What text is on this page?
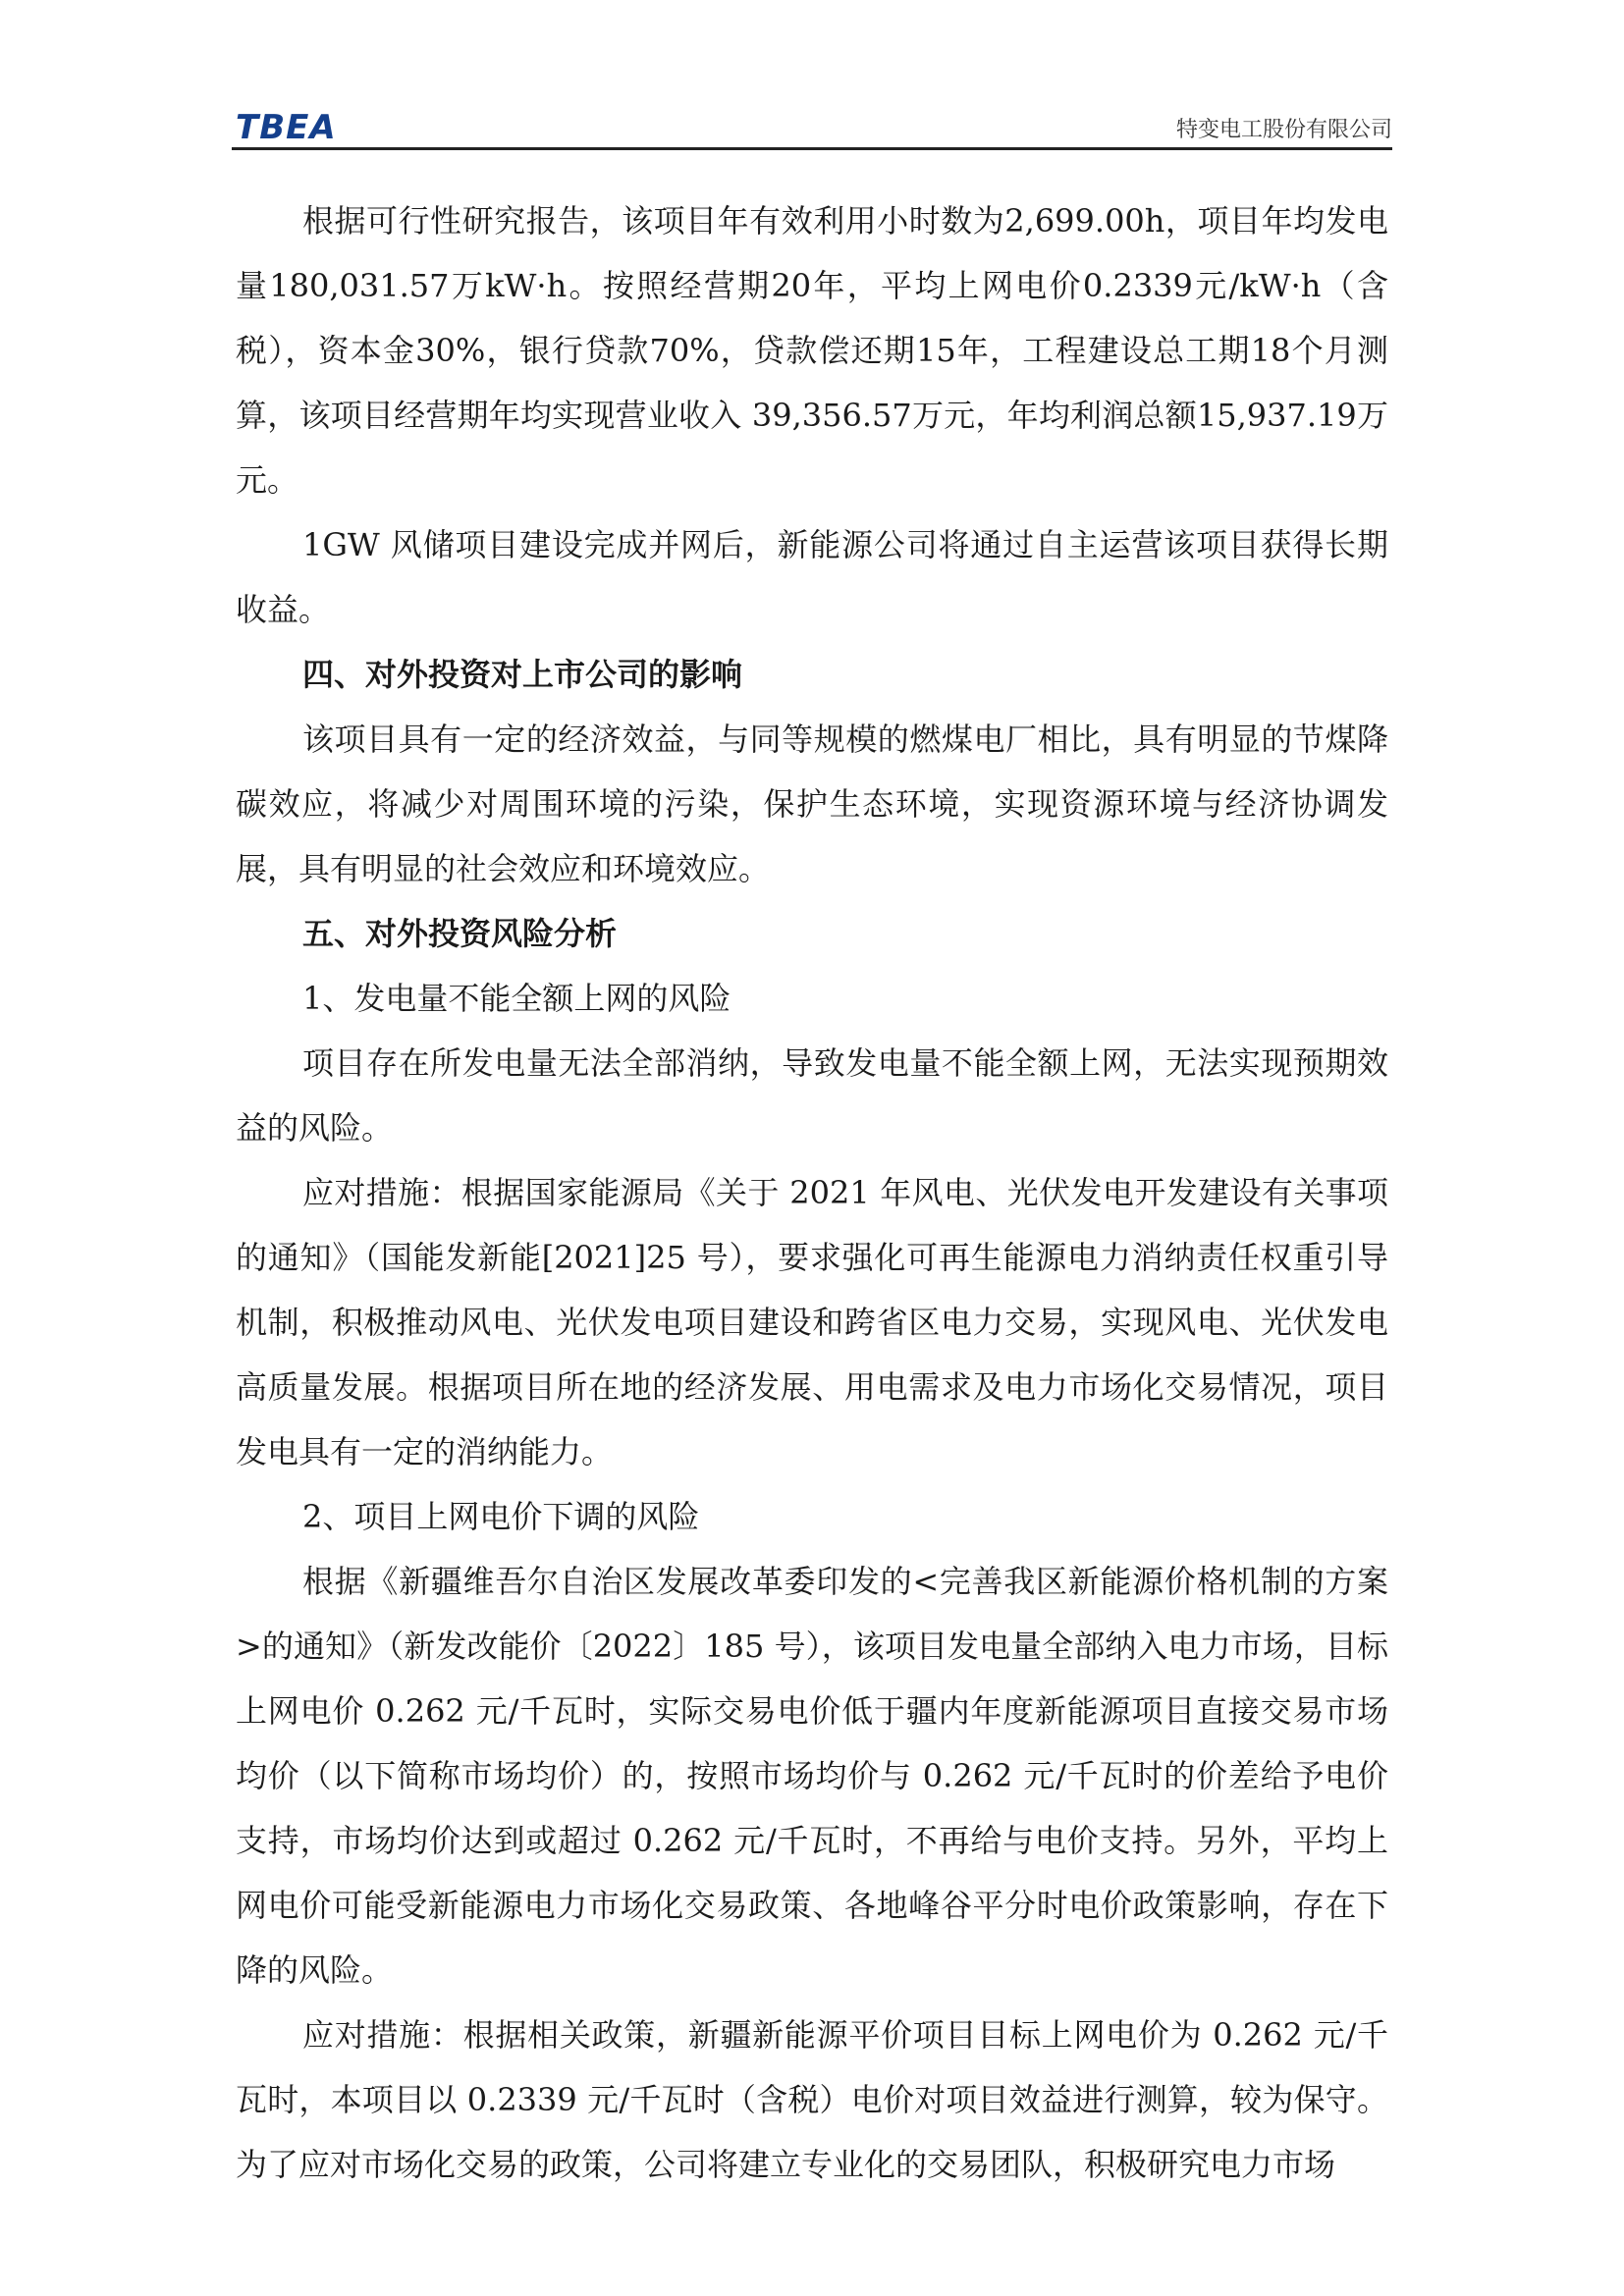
TBEA	特变电工股份有限公司

根据可行性研究报告，该项目年有效利用小时数为2,699.00h，项目年均发电量180,031.57万kW·h。按照经营期20年，平均上网电价0.2339元/kW·h（含税），资本金30%，银行贷款70%，贷款偿还期15年，工程建设总工期18个月测算，该项目经营期年均实现营业收入 39,356.57万元，年均利润总额15,937.19万元。

1GW 风储项目建设完成并网后，新能源公司将通过自主运营该项目获得长期收益。

四、对外投资对上市公司的影响

该项目具有一定的经济效益，与同等规模的燃煤电厂相比，具有明显的节煤降碳效应，将减少对周围环境的污染，保护生态环境，实现资源环境与经济协调发展，具有明显的社会效应和环境效应。

五、对外投资风险分析

1、发电量不能全额上网的风险

项目存在所发电量无法全部消纳，导致发电量不能全额上网，无法实现预期效益的风险。

应对措施：根据国家能源局《关于 2021 年风电、光伏发电开发建设有关事项的通知》（国能发新能[2021]25 号），要求强化可再生能源电力消纳责任权重引导机制，积极推动风电、光伏发电项目建设和跨省区电力交易，实现风电、光伏发电高质量发展。根据项目所在地的经济发展、用电需求及电力市场化交易情况，项目发电具有一定的消纳能力。

2、项目上网电价下调的风险

根据《新疆维吾尔自治区发展改革委印发的<完善我区新能源价格机制的方案>的通知》（新发改能价〔2022〕185 号），该项目发电量全部纳入电力市场，目标上网电价 0.262 元/千瓦时，实际交易电价低于疆内年度新能源项目直接交易市场均价（以下简称市场均价）的，按照市场均价与 0.262 元/千瓦时的价差给予电价支持，市场均价达到或超过 0.262 元/千瓦时，不再给与电价支持。另外，平均上网电价可能受新能源电力市场化交易政策、各地峰谷平分时电价政策影响，存在下降的风险。

应对措施：根据相关政策，新疆新能源平价项目目标上网电价为 0.262 元/千瓦时，本项目以 0.2339 元/千瓦时（含税）电价对项目效益进行测算，较为保守。为了应对市场化交易的政策，公司将建立专业化的交易团队，积极研究电力市场
